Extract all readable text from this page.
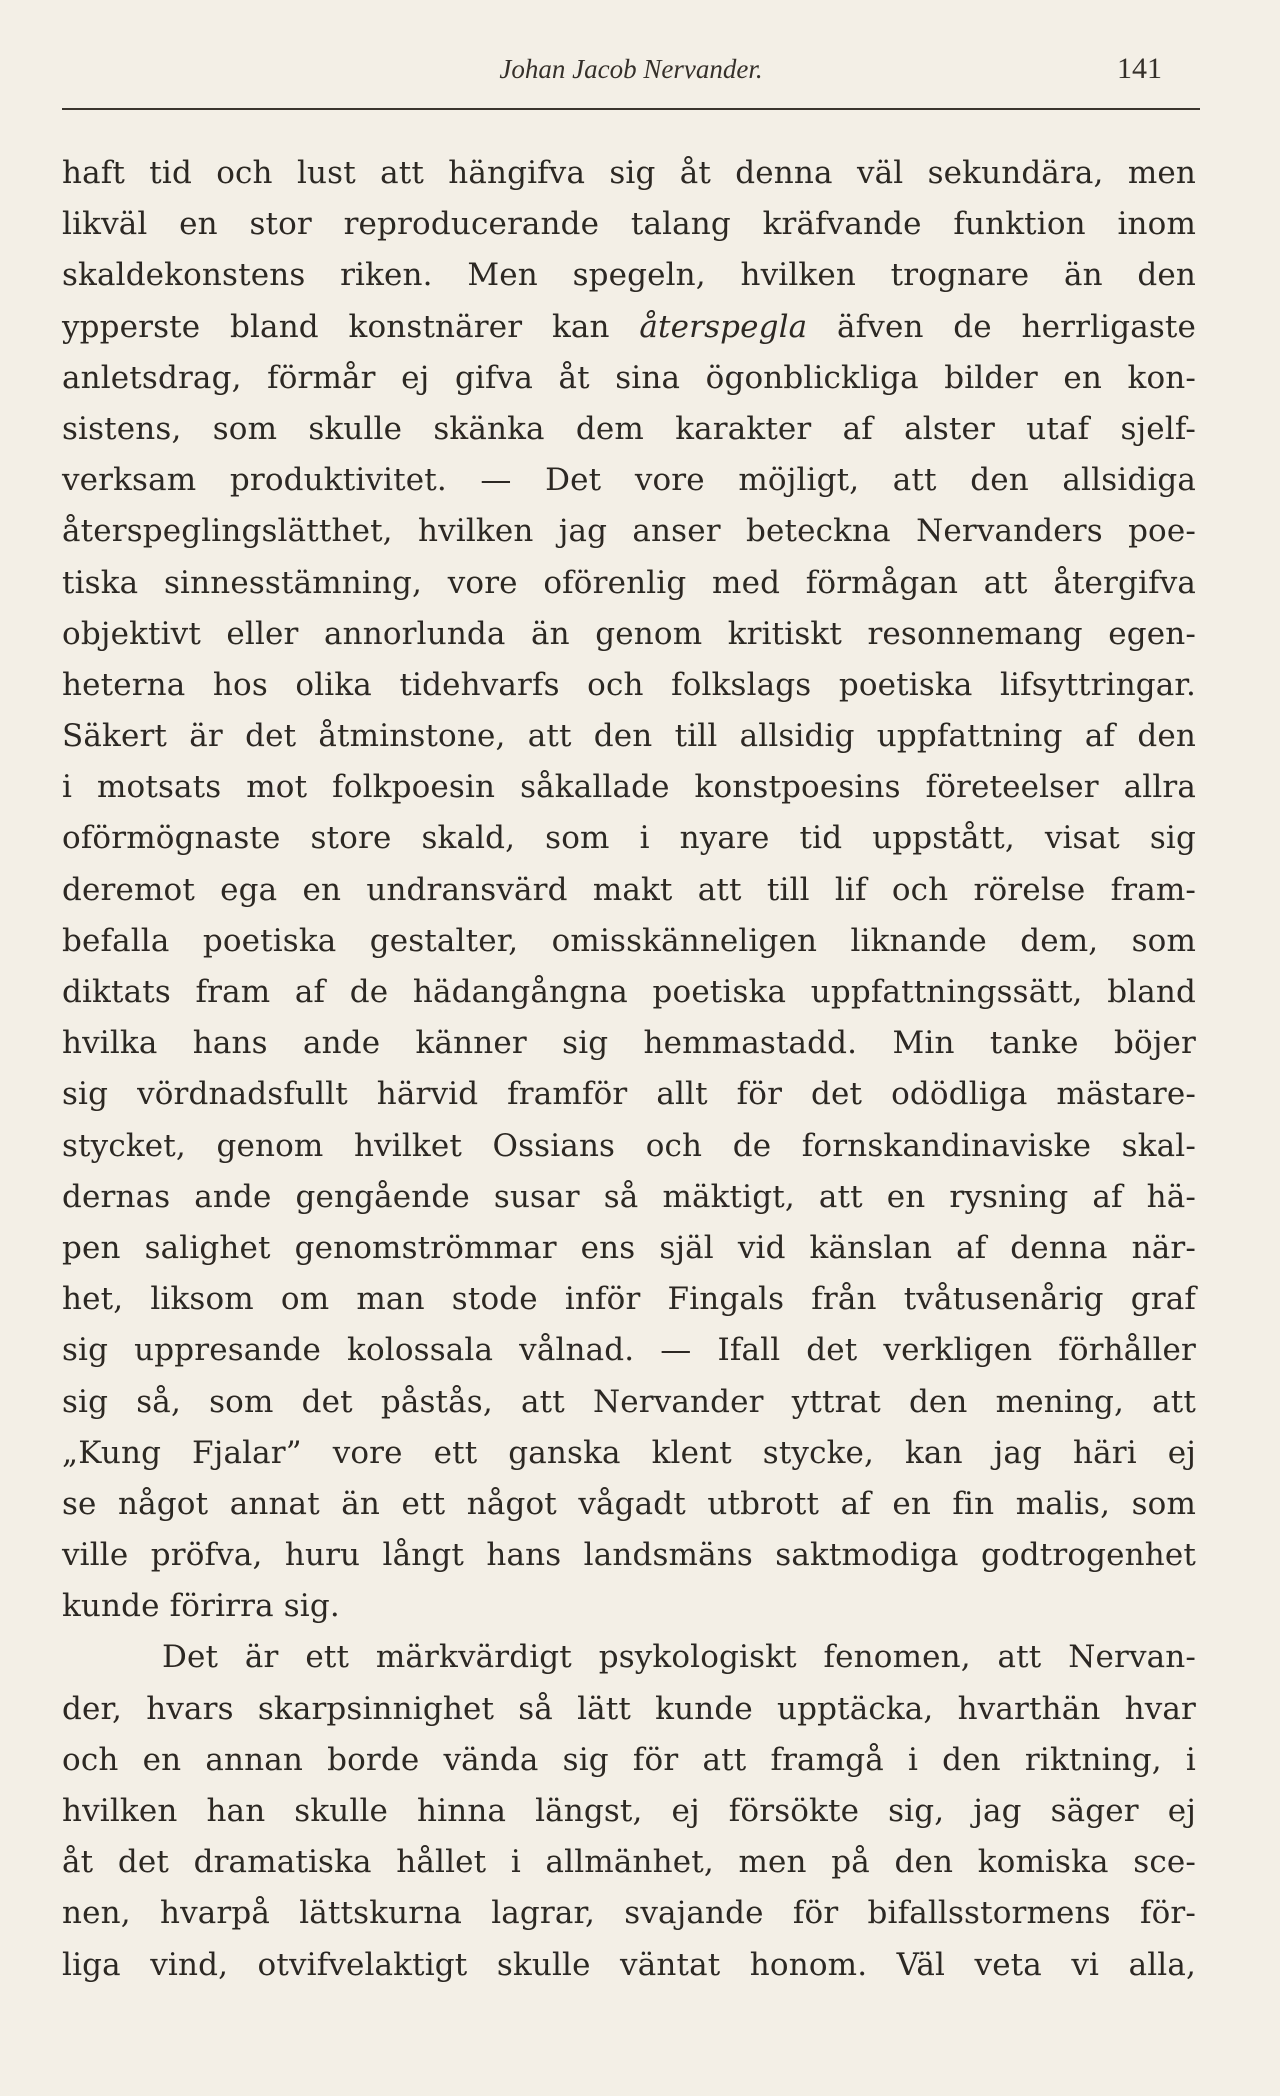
Johan Jacob Nervander.	141
haft tid och lust att hängifva sig åt denna väl sekundära, men
likväl en stor reproducerande talang kräfvande funktion inom
skaldekonstens riken. Men spegeln, hvilken trognare än den
ypperste bland konstnärer kan återspegla äfven de herrligaste
anletsdrag, förmår ej gifva åt sina ögonblickliga bilder en kon-
sistens, som skulle skänka dem karakter af alster utaf sjelf-
verksam produktivitet. — Det vore möjligt, att den allsidiga
återspeglingslätthet, hvilken jag anser beteckna Nervanders poe-
tiska sinnesstämning, vore oförenlig med förmågan att återgifva
objektivt eller annorlunda än genom kritiskt resonnemang egen-
heterna hos olika tidehvarfs och folkslags poetiska lifsyttringar.
Säkert är det åtminstone, att den till allsidig uppfattning af den
i motsats mot folkpoesin såkallade konstpoesins företeelser allra
oförmögnaste store skald, som i nyare tid uppstått, visat sig
deremot ega en undransvärd makt att till lif och rörelse fram-
befalla poetiska gestalter, omisskänneligen liknande dem, som
diktats fram af de hädangångna poetiska uppfattningssätt, bland
hvilka hans ande känner sig hemmastadd. Min tanke böjer
sig vördnadsfullt härvid framför allt för det odödliga mästare-
stycket, genom hvilket Ossians och de fornskandinaviske skal-
dernas ande gengående susar så mäktigt, att en rysning af hä-
pen salighet genomströmmar ens själ vid känslan af denna när-
het, liksom om man stode inför Fingals från tvåtusenårig graf
sig uppresande kolossala vålnad. — Ifall det verkligen förhåller
sig så, som det påstås, att Nervander yttrat den mening, att
„Kung Fjalar” vore ett ganska klent stycke, kan jag häri ej
se något annat än ett något vågadt utbrott af en fin malis, som
ville pröfva, huru långt hans landsmäns saktmodiga godtrogenhet
kunde förirra sig.
Det är ett märkvärdigt psykologiskt fenomen, att Nervan-
der, hvars skarpsinnighet så lätt kunde upptäcka, hvarthän hvar
och en annan borde vända sig för att framgå i den riktning, i
hvilken han skulle hinna längst, ej försökte sig, jag säger ej
åt det dramatiska hållet i allmänhet, men på den komiska sce-
nen, hvarpå lättskurna lagrar, svajande för bifallsstormens för-
liga vind, otvifvelaktigt skulle väntat honom. Väl veta vi alla,
